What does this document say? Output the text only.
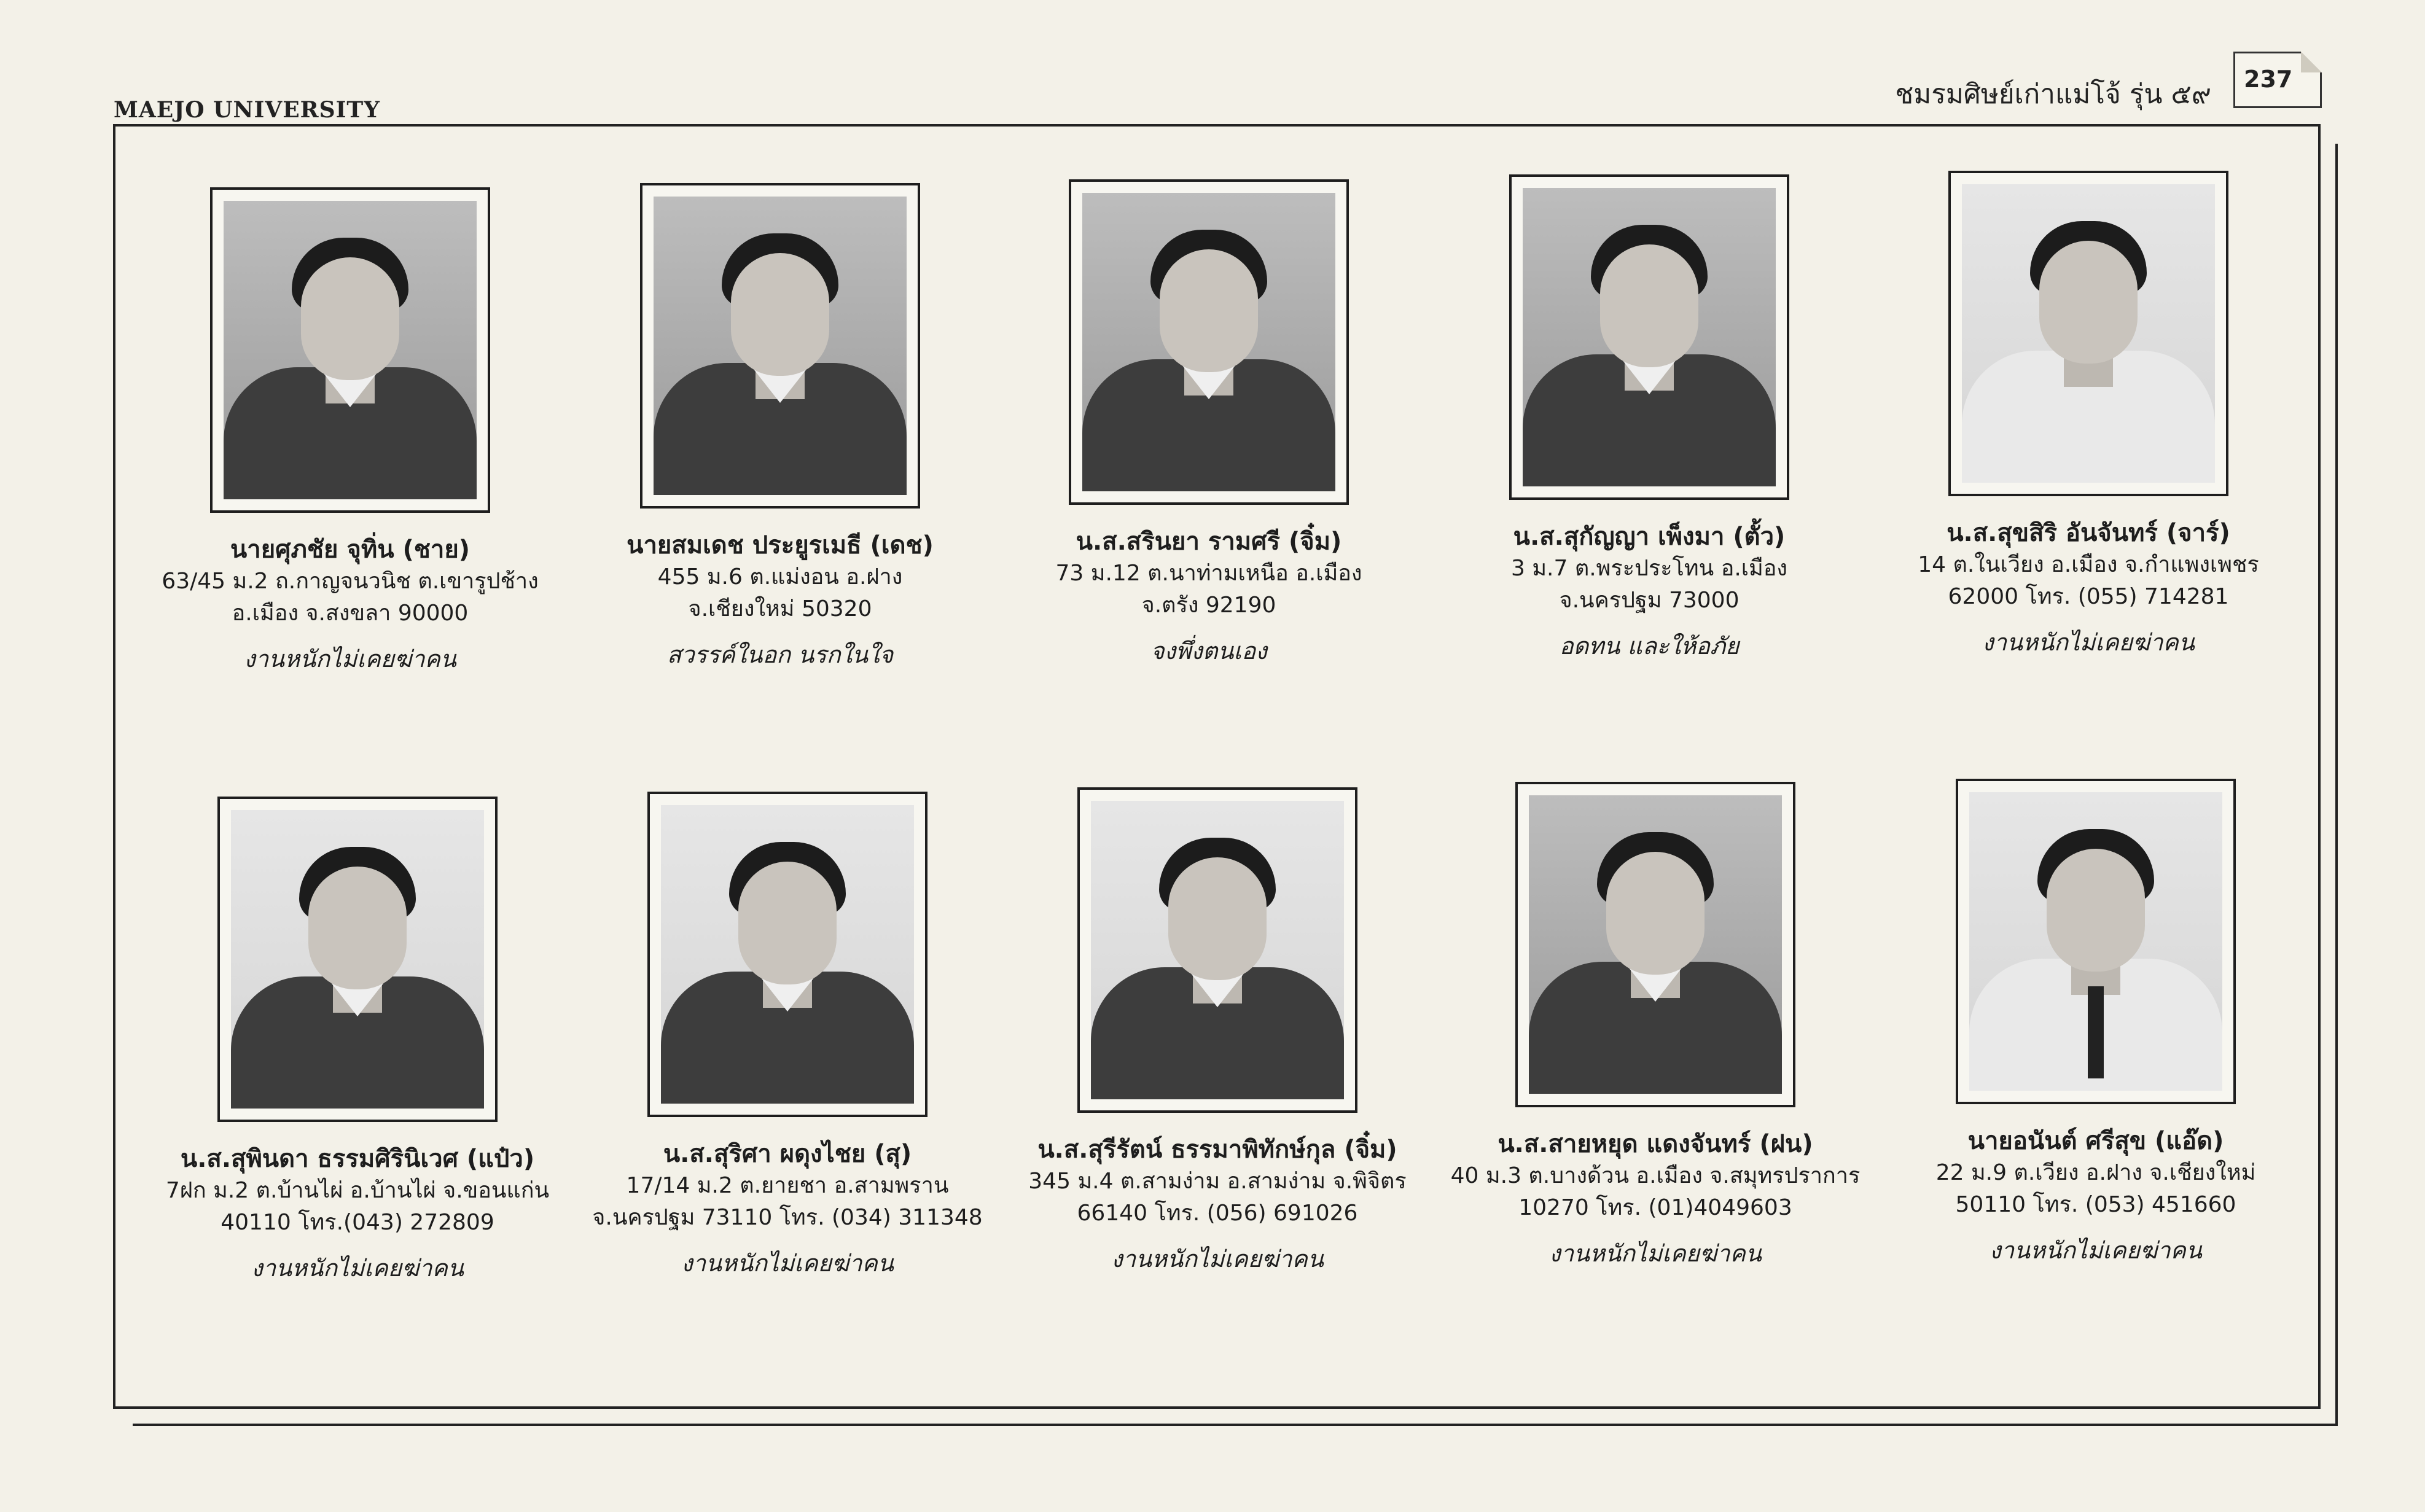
MAEJO UNIVERSITY	ชมรมศิษย์เก่าแม่โจ้ รุ่น ๕๙ 237
นายศุภชัย จุทิ่น (ชาย)
63/45 ม.2 ถ.กาญจนวนิช ต.เขารูปช้าง
อ.เมือง จ.สงขลา 90000
งานหนักไม่เคยฆ่าคน
นายสมเดช ประยูรเมธี (เดช)
455 ม.6 ต.แม่งอน อ.ฝาง
จ.เชียงใหม่ 50320
สวรรค์ในอก นรกในใจ
น.ส.สรินยา รามศรี (จิ๋ม)
73 ม.12 ต.นาท่ามเหนือ อ.เมือง
จ.ตรัง 92190
จงพึ่งตนเอง
น.ส.สุกัญญา เพ็งมา (ตั้ว)
3 ม.7 ต.พระประโทน อ.เมือง
จ.นครปฐม 73000
อดทน และให้อภัย
น.ส.สุขสิริ อันจันทร์ (จาร์)
14 ต.ในเวียง อ.เมือง จ.กำแพงเพชร
62000 โทร. (055) 714281
งานหนักไม่เคยฆ่าคน
น.ส.สุพินดา ธรรมศิรินิเวศ (แป๋ว)
7ฝก ม.2 ต.บ้านไผ่ อ.บ้านไผ่ จ.ขอนแก่น
40110 โทร.(043) 272809
งานหนักไม่เคยฆ่าคน
น.ส.สุริศา ผดุงไชย (สุ)
17/14 ม.2 ต.ยายชา อ.สามพราน
จ.นครปฐม 73110 โทร. (034) 311348
งานหนักไม่เคยฆ่าคน
น.ส.สุรีรัตน์ ธรรมาพิทักษ์กุล (จิ๋ม)
345 ม.4 ต.สามง่าม อ.สามง่าม จ.พิจิตร
66140 โทร. (056) 691026
งานหนักไม่เคยฆ่าคน
น.ส.สายหยุด แดงจันทร์ (ฝน)
40 ม.3 ต.บางด้วน อ.เมือง จ.สมุทรปราการ
10270 โทร. (01)4049603
งานหนักไม่เคยฆ่าคน
นายอนันต์ ศรีสุข (แอ๊ด)
22 ม.9 ต.เวียง อ.ฝาง จ.เชียงใหม่
50110 โทร. (053) 451660
งานหนักไม่เคยฆ่าคน
